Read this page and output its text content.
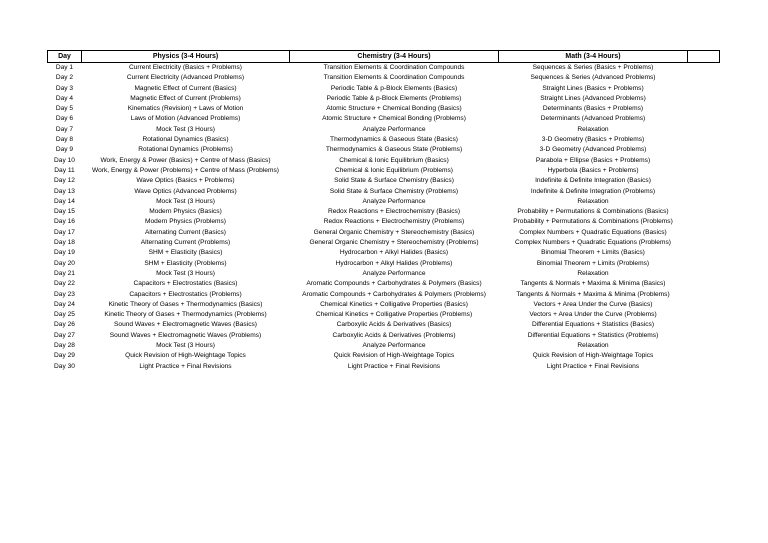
Day	Physics (3-4 Hours)	Chemistry (3-4 Hours)	Math (3-4 Hours)	
Day 1	Current Electricity (Basics + Problems)	Transition Elements & Coordination Compounds	Sequences & Series (Basics + Problems)	
Day 2	Current Electricity (Advanced Problems)	Transition Elements & Coordination Compounds	Sequences & Series (Advanced Problems)	
Day 3	Magnetic Effect of Current (Basics)	Periodic Table & p-Block Elements (Basics)	Straight Lines (Basics + Problems)	
Day 4	Magnetic Effect of Current (Problems)	Periodic Table & p-Block Elements (Problems)	Straight Lines (Advanced Problems)	
Day 5	Kinematics (Revision) + Laws of Motion	Atomic Structure + Chemical Bonding (Basics)	Determinants (Basics + Problems)	
Day 6	Laws of Motion (Advanced Problems)	Atomic Structure + Chemical Bonding (Problems)	Determinants (Advanced Problems)	
Day 7	Mock Test (3 Hours)	Analyze Performance	Relaxation	
Day 8	Rotational Dynamics (Basics)	Thermodynamics & Gaseous State (Basics)	3-D Geometry (Basics + Problems)	
Day 9	Rotational Dynamics (Problems)	Thermodynamics & Gaseous State (Problems)	3-D Geometry (Advanced Problems)	
Day 10	Work, Energy & Power (Basics) + Centre of Mass (Basics)	Chemical & Ionic Equilibrium (Basics)	Parabola + Ellipse (Basics + Problems)	
Day 11	Work, Energy & Power (Problems) + Centre of Mass (Problems)	Chemical & Ionic Equilibrium (Problems)	Hyperbola (Basics + Problems)	
Day 12	Wave Optics (Basics + Problems)	Solid State & Surface Chemistry (Basics)	Indefinite & Definite Integration (Basics)	
Day 13	Wave Optics (Advanced Problems)	Solid State & Surface Chemistry (Problems)	Indefinite & Definite Integration (Problems)	
Day 14	Mock Test (3 Hours)	Analyze Performance	Relaxation	
Day 15	Modern Physics (Basics)	Redox Reactions + Electrochemistry (Basics)	Probability + Permutations & Combinations (Basics)	
Day 16	Modern Physics (Problems)	Redox Reactions + Electrochemistry (Problems)	Probability + Permutations & Combinations (Problems)	
Day 17	Alternating Current (Basics)	General Organic Chemistry + Stereochemistry (Basics)	Complex Numbers + Quadratic Equations (Basics)	
Day 18	Alternating Current (Problems)	General Organic Chemistry + Stereochemistry (Problems)	Complex Numbers + Quadratic Equations (Problems)	
Day 19	SHM + Elasticity (Basics)	Hydrocarbon + Alkyl Halides (Basics)	Binomial Theorem + Limits (Basics)	
Day 20	SHM + Elasticity (Problems)	Hydrocarbon + Alkyl Halides (Problems)	Binomial Theorem + Limits (Problems)	
Day 21	Mock Test (3 Hours)	Analyze Performance	Relaxation	
Day 22	Capacitors + Electrostatics (Basics)	Aromatic Compounds + Carbohydrates & Polymers (Basics)	Tangents & Normals + Maxima & Minima (Basics)	
Day 23	Capacitors + Electrostatics (Problems)	Aromatic Compounds + Carbohydrates & Polymers (Problems)	Tangents & Normals + Maxima & Minima (Problems)	
Day 24	Kinetic Theory of Gases + Thermodynamics (Basics)	Chemical Kinetics + Colligative Properties (Basics)	Vectors + Area Under the Curve (Basics)	
Day 25	Kinetic Theory of Gases + Thermodynamics (Problems)	Chemical Kinetics + Colligative Properties (Problems)	Vectors + Area Under the Curve (Problems)	
Day 26	Sound Waves + Electromagnetic Waves (Basics)	Carboxylic Acids & Derivatives (Basics)	Differential Equations + Statistics (Basics)	
Day 27	Sound Waves + Electromagnetic Waves (Problems)	Carboxylic Acids & Derivatives (Problems)	Differential Equations + Statistics (Problems)	
Day 28	Mock Test (3 Hours)	Analyze Performance	Relaxation	
Day 29	Quick Revision of High-Weightage Topics	Quick Revision of High-Weightage Topics	Quick Revision of High-Weightage Topics	
Day 30	Light Practice + Final Revisions	Light Practice + Final Revisions	Light Practice + Final Revisions	
